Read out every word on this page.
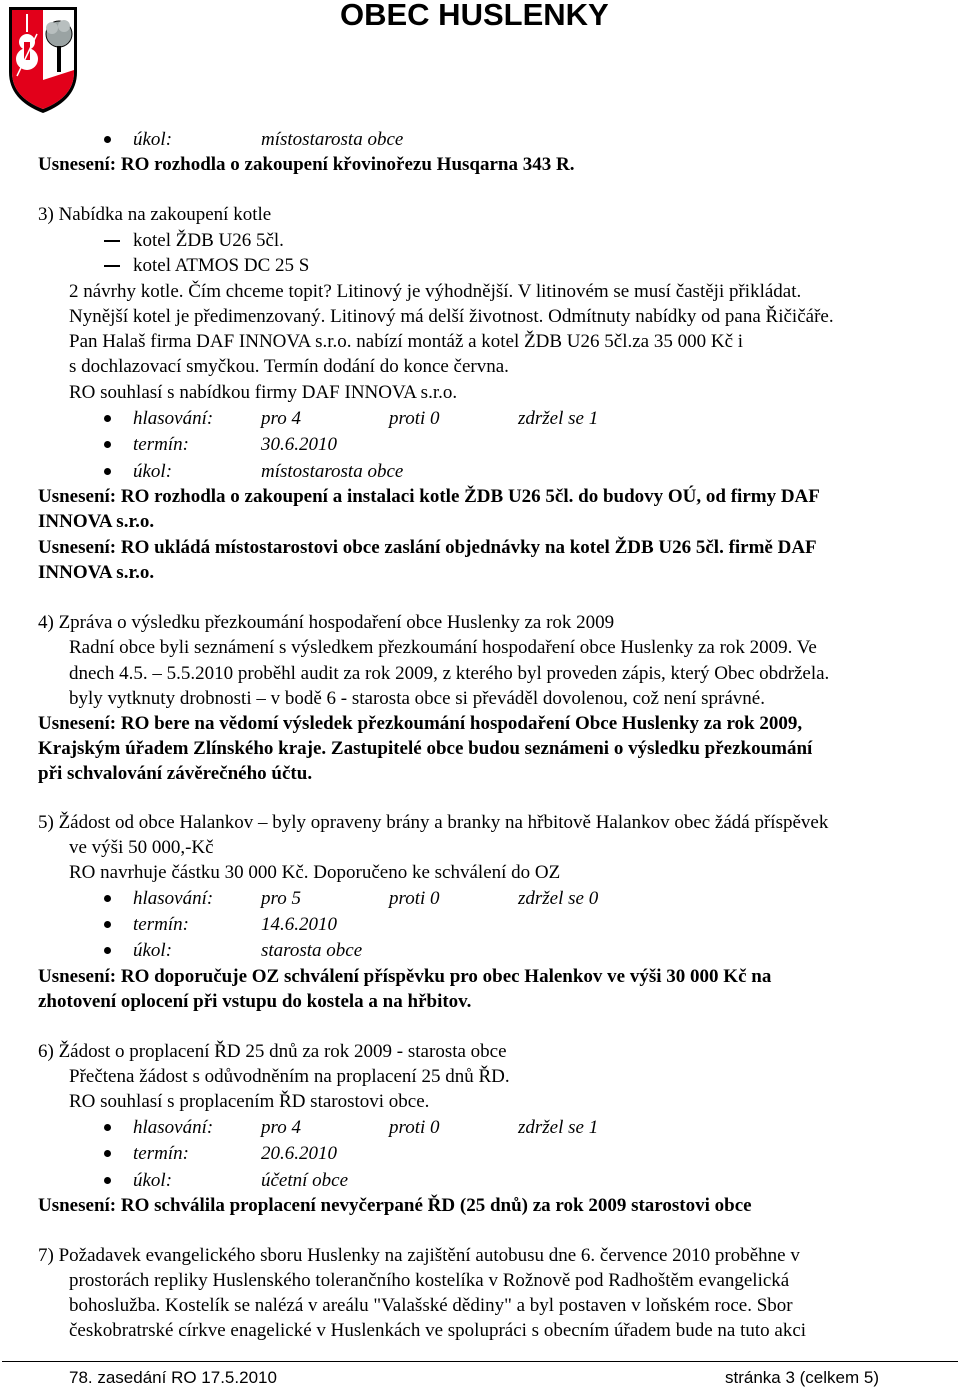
OBEC HUSLENKY
úkol:	místostarosta obce
Usnesení: RO rozhodla o zakoupení křovinořezu Husqarna 343 R.
3) Nabídka na zakoupení kotle
kotel ŽDB U26 5čl.
kotel ATMOS DC 25 S
2 návrhy kotle. Čím chceme topit? Litinový je výhodnější. V litinovém se musí častěji přikládat.
Nynější kotel je předimenzovaný. Litinový má delší životnost. Odmítnuty nabídky od pana Řičičáře.
Pan Halaš firma DAF INNOVA s.r.o. nabízí montáž a kotel ŽDB U26 5čl.za 35 000 Kč i
s dochlazovací smyčkou. Termín dodání do konce června.
RO souhlasí s nabídkou firmy DAF INNOVA s.r.o.
hlasování:	pro 4	proti 0	zdržel se 1
termín:	30.6.2010
úkol:	místostarosta obce
Usnesení: RO rozhodla o zakoupení a instalaci kotle ŽDB U26 5čl. do budovy OÚ, od firmy DAF
INNOVA s.r.o.
Usnesení: RO ukládá místostarostovi obce zaslání objednávky na kotel ŽDB U26 5čl. firmě DAF
INNOVA s.r.o.
4) Zpráva o výsledku přezkoumání hospodaření obce Huslenky za rok 2009
Radní obce byli seznámení s výsledkem přezkoumání hospodaření obce Huslenky za rok 2009. Ve
dnech 4.5. – 5.5.2010 proběhl audit za rok 2009, z kterého byl proveden zápis, který Obec obdržela.
byly vytknuty drobnosti – v bodě 6 - starosta obce si převáděl dovolenou, což není správné.
Usnesení: RO bere na vědomí výsledek přezkoumání hospodaření Obce Huslenky za rok 2009,
Krajským úřadem Zlínského kraje. Zastupitelé obce budou seznámeni o výsledku přezkoumání
při schvalování závěrečného účtu.
5) Žádost od obce Halankov – byly opraveny brány a branky na hřbitově Halankov obec žádá příspěvek
ve výši 50 000,-Kč
RO navrhuje částku 30 000 Kč. Doporučeno ke schválení do OZ
hlasování:	pro 5	proti 0	zdržel se 0
termín:	14.6.2010
úkol:	starosta obce
Usnesení: RO doporučuje OZ schválení příspěvku pro obec Halenkov ve výši 30 000 Kč na
zhotovení oplocení při vstupu do kostela a na hřbitov.
6) Žádost o proplacení ŘD 25 dnů za rok 2009 - starosta obce
Přečtena žádost s odůvodněním na proplacení 25 dnů ŘD.
RO souhlasí s proplacením ŘD starostovi obce.
hlasování:	pro 4	proti 0	zdržel se 1
termín:	20.6.2010
úkol:	účetní obce
Usnesení: RO schválila proplacení nevyčerpané ŘD (25 dnů) za rok 2009 starostovi obce
7) Požadavek evangelického sboru Huslenky na zajištění autobusu dne 6. července 2010 proběhne v
prostorách repliky Huslenského tolerančního kostelíka v Rožnově pod Radhoštěm evangelická
bohoslužba. Kostelík se nalézá v areálu "Valašské dědiny" a byl postaven v loňském roce. Sbor
českobratrské církve enagelické v Huslenkách ve spolupráci s obecním úřadem bude na tuto akci
78. zasedání RO 17.5.2010	stránka 3 (celkem 5)
